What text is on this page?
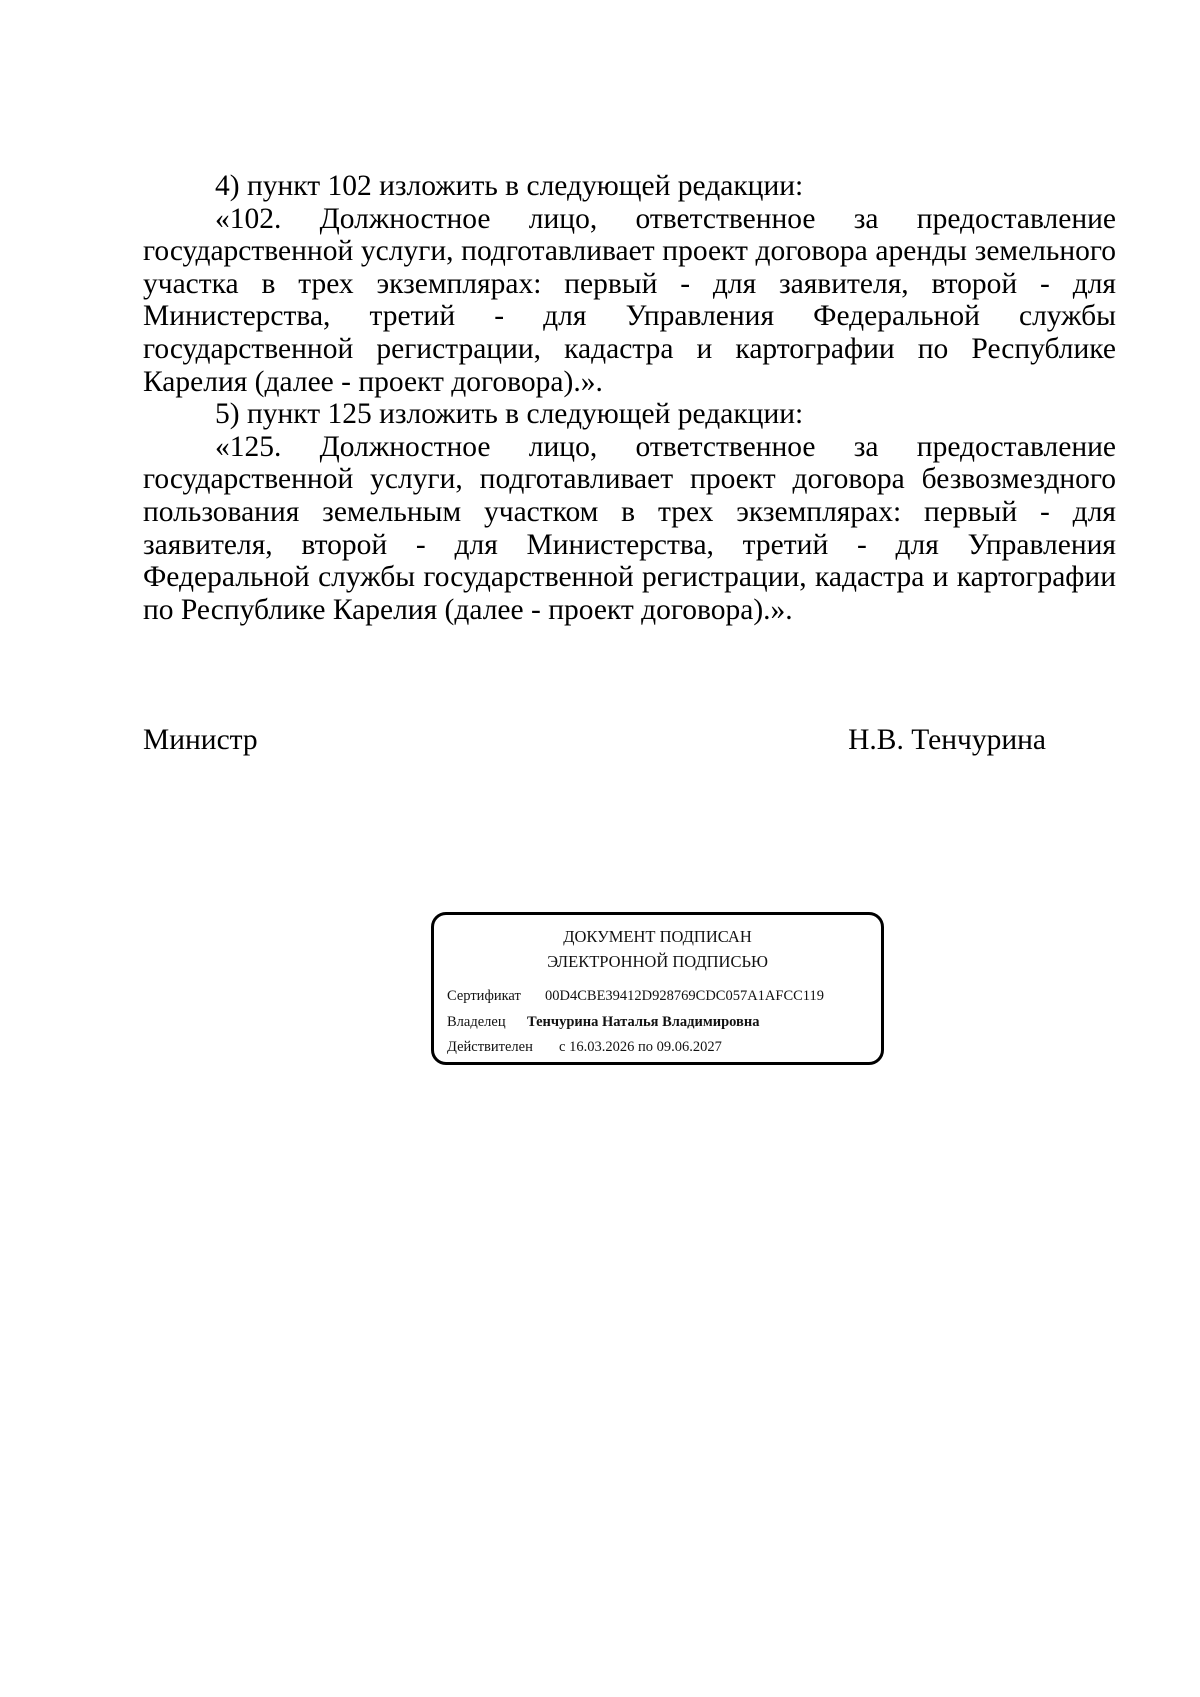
4) пункт 102 изложить в следующей редакции:

«102. Должностное лицо, ответственное за предоставление государственной услуги, подготавливает проект договора аренды земельного участка в трех экземплярах: первый - для заявителя, второй - для Министерства, третий - для Управления Федеральной службы государственной регистрации, кадастра и картографии по Республике Карелия (далее - проект договора).».

5) пункт 125 изложить в следующей редакции:

«125. Должностное лицо, ответственное за предоставление государственной услуги, подготавливает проект договора безвозмездного пользования земельным участком в трех экземплярах: первый - для заявителя, второй - для Министерства, третий - для Управления Федеральной службы государственной регистрации, кадастра и картографии по Республике Карелия (далее - проект договора).».

Министр	Н.В. Тенчурина
ДОКУМЕНТ ПОДПИСАН
ЭЛЕКТРОННОЙ ПОДПИСЬЮ
Сертификат 00D4CBE39412D928769CDC057A1AFCC119
Владелец Тенчурина Наталья Владимировна
Действителен с 16.03.2026 по 09.06.2027
